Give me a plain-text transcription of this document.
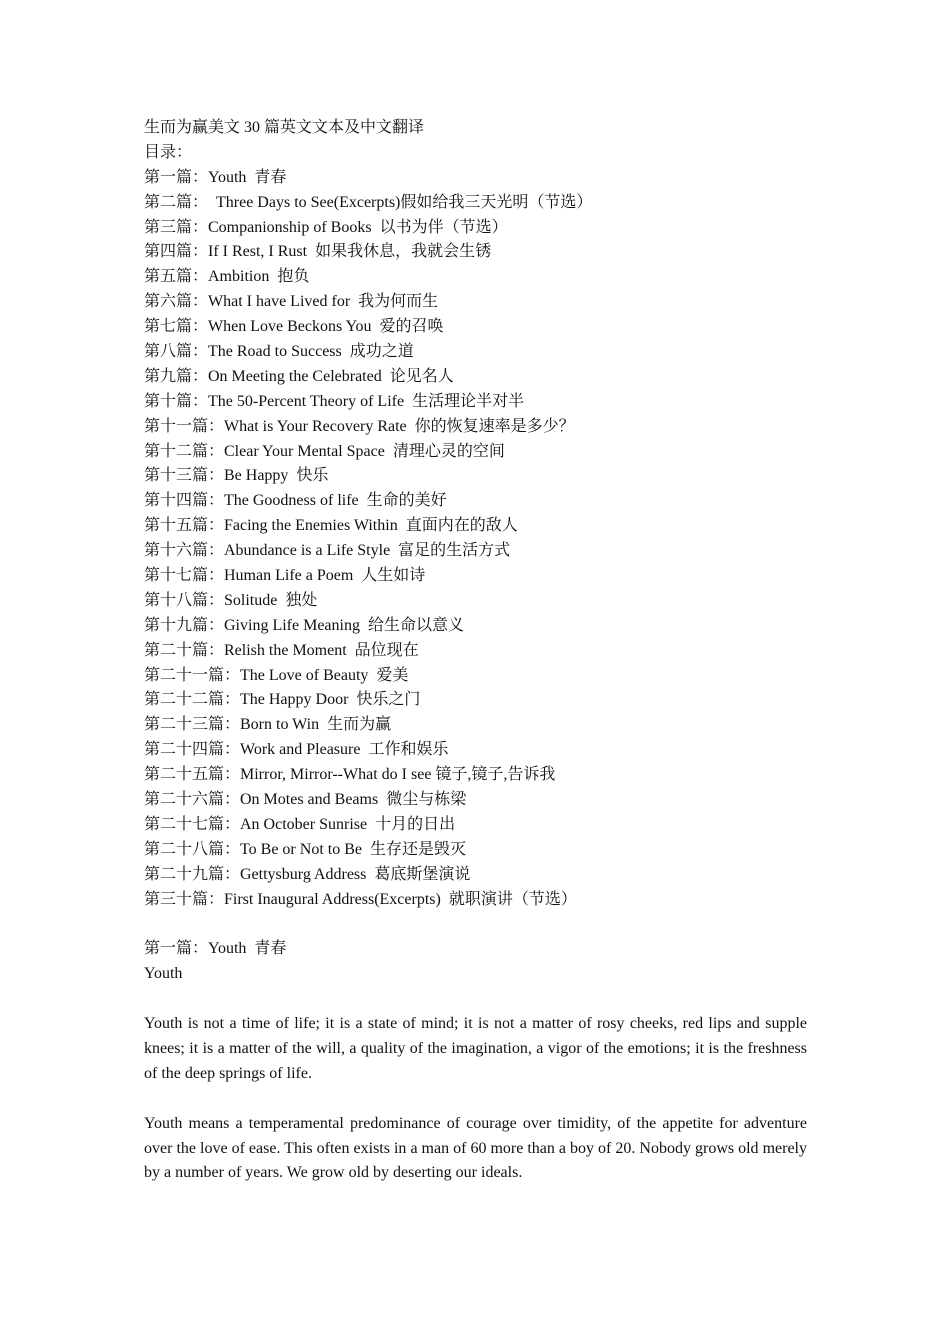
生而为赢美文 30 篇英文文本及中文翻译
目录：
第一篇：Youth  青春
第二篇：  Three Days to See(Excerpts)假如给我三天光明（节选）
第三篇：Companionship of Books  以书为伴（节选）
第四篇：If I Rest, I Rust  如果我休息，我就会生锈
第五篇：Ambition  抱负
第六篇：What I have Lived for  我为何而生
第七篇：When Love Beckons You  爱的召唤
第八篇：The Road to Success  成功之道
第九篇：On Meeting the Celebrated  论见名人
第十篇：The 50-Percent Theory of Life  生活理论半对半
第十一篇：What is Your Recovery Rate  你的恢复速率是多少？
第十二篇：Clear Your Mental Space  清理心灵的空间
第十三篇：Be Happy  快乐
第十四篇：The Goodness of life  生命的美好
第十五篇：Facing the Enemies Within  直面内在的敌人
第十六篇：Abundance is a Life Style  富足的生活方式
第十七篇：Human Life a Poem  人生如诗
第十八篇：Solitude  独处
第十九篇：Giving Life Meaning  给生命以意义
第二十篇：Relish the Moment  品位现在
第二十一篇：The Love of Beauty  爱美
第二十二篇：The Happy Door  快乐之门
第二十三篇：Born to Win  生而为赢
第二十四篇：Work and Pleasure  工作和娱乐
第二十五篇：Mirror, Mirror--What do I see 镜子,镜子,告诉我
第二十六篇：On Motes and Beams  微尘与栋梁
第二十七篇：An October Sunrise  十月的日出
第二十八篇：To Be or Not to Be  生存还是毁灭
第二十九篇：Gettysburg Address  葛底斯堡演说
第三十篇：First Inaugural Address(Excerpts)  就职演讲（节选）
第一篇：Youth  青春
Youth

Youth is not a time of life; it is a state of mind; it is not a matter of rosy cheeks, red lips and supple knees; it is a matter of the will, a quality of the imagination, a vigor of the emotions; it is the freshness of the deep springs of life.

Youth means a temperamental predominance of courage over timidity, of the appetite for adventure over the love of ease. This often exists in a man of 60 more than a boy of 20. Nobody grows old merely by a number of years. We grow old by deserting our ideals.
